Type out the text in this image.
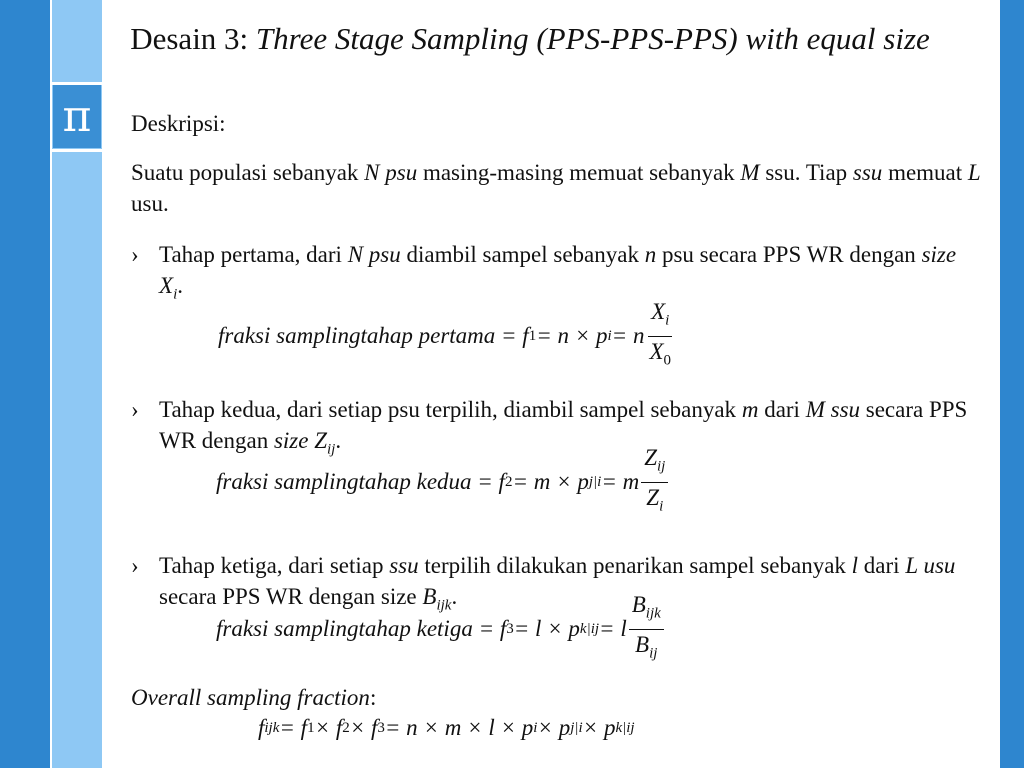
π
Desain 3: Three Stage Sampling (PPS-PPS-PPS) with equal size

Deskripsi:

Suatu populasi sebanyak N psu masing-masing memuat sebanyak M ssu. Tiap ssu memuat L usu.

› Tahap pertama, dari N psu diambil sampel sebanyak n psu secara PPS WR dengan size $X_i$.

› Tahap kedua, dari setiap psu terpilih, diambil sampel sebanyak m dari M ssu secara PPS WR dengan size $Z_{ij}$.

› Tahap ketiga, dari setiap ssu terpilih dilakukan penarikan sampel sebanyak l dari L usu secara PPS WR dengan size $B_{ijk}$.

fraksi samplingtahap pertama = f 1 = n × p i = n $\frac{X_i}{X_0}$
fraksi samplingtahap kedua = f 2 = m × p j|i = m $\frac{Z_{ij}}{Z_i}$
fraksi samplingtahap ketiga = f 3 = l × p k|ij = l $\frac{B_{ijk}}{B_{ij}}$
Overall sampling fraction:
f ijk = f 1 × f 2 × f 3 = n × m × l × p i × p j|i × p k|ij
